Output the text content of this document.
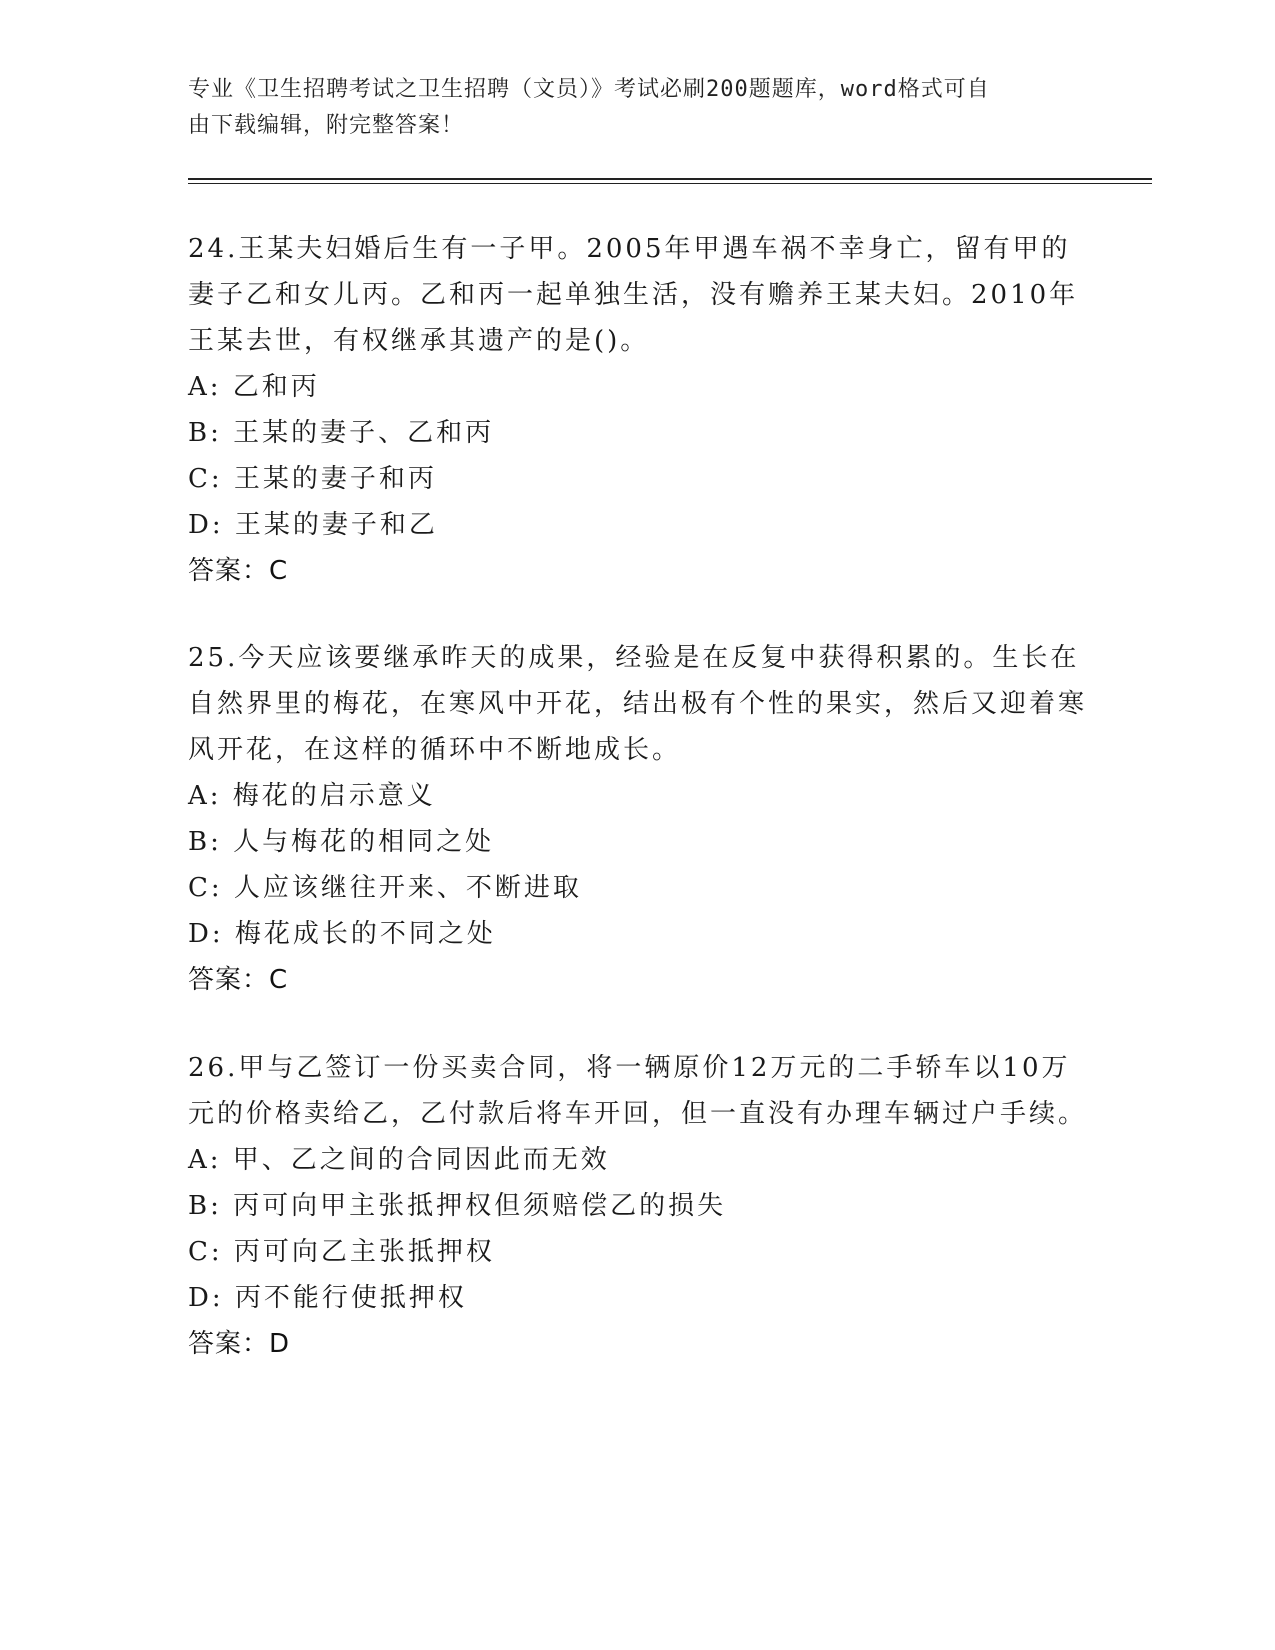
专业《卫生招聘考试之卫生招聘（文员）》考试必刷200题题库，word格式可自
由下载编辑，附完整答案！

24.王某夫妇婚后生有一子甲。2005年甲遇车祸不幸身亡，留有甲的妻子乙和女儿丙。乙和丙一起单独生活，没有赡养王某夫妇。2010年王某去世，有权继承其遗产的是()。

A: 乙和丙
B: 王某的妻子、乙和丙
C: 王某的妻子和丙
D: 王某的妻子和乙
答案：C

25.今天应该要继承昨天的成果，经验是在反复中获得积累的。生长在自然界里的梅花，在寒风中开花，结出极有个性的果实，然后又迎着寒风开花，在这样的循环中不断地成长。

A: 梅花的启示意义
B: 人与梅花的相同之处
C: 人应该继往开来、不断进取
D: 梅花成长的不同之处
答案：C

26.甲与乙签订一份买卖合同，将一辆原价12万元的二手轿车以10万元的价格卖给乙，乙付款后将车开回，但一直没有办理车辆过户手续。

A: 甲、乙之间的合同因此而无效
B: 丙可向甲主张抵押权但须赔偿乙的损失
C: 丙可向乙主张抵押权
D: 丙不能行使抵押权
答案：D
